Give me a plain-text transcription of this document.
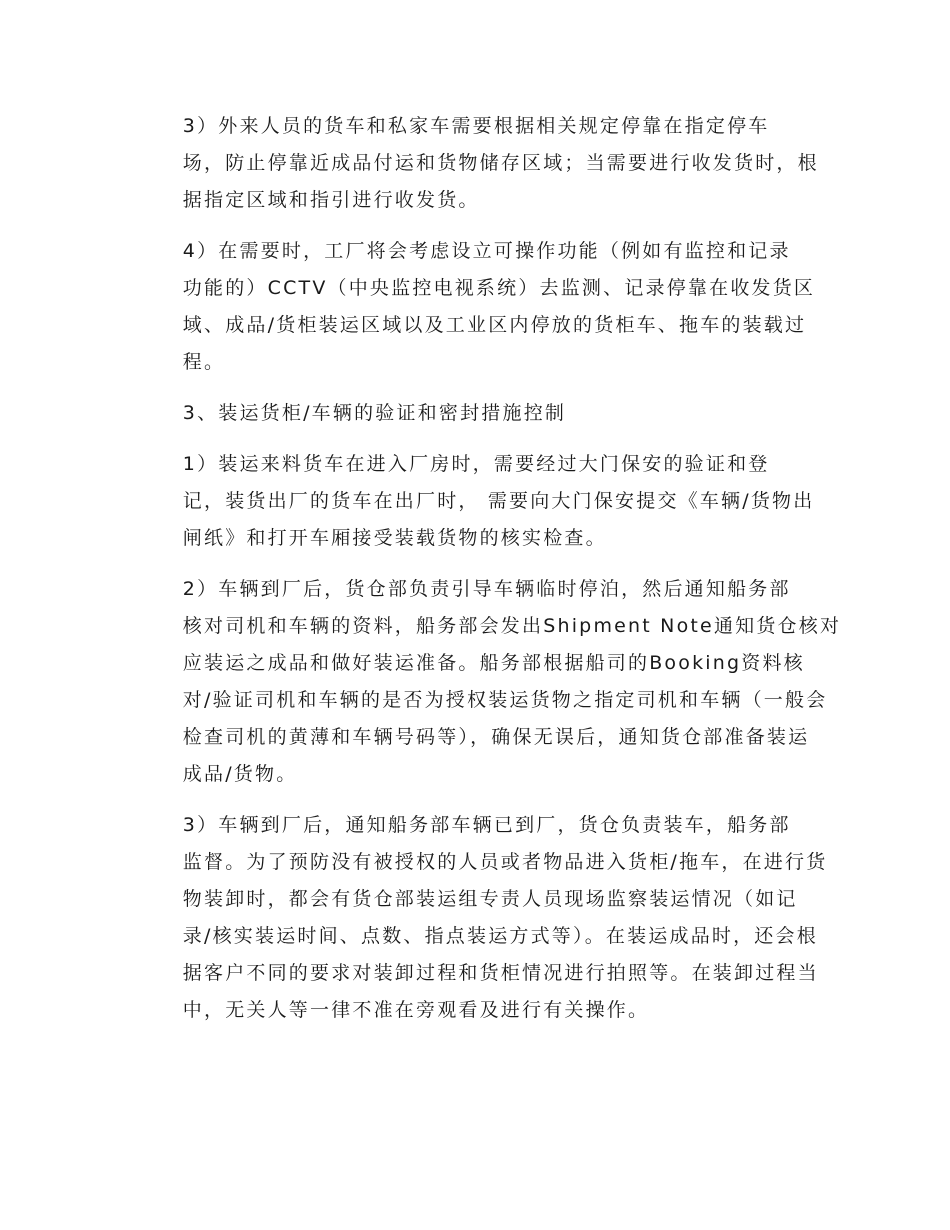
3）外来人员的货车和私家车需要根据相关规定停靠在指定停车
场，防止停靠近成品付运和货物储存区域；当需要进行收发货时，根
据指定区域和指引进行收发货。

4）在需要时，工厂将会考虑设立可操作功能（例如有监控和记录
功能的）CCTV（中央监控电视系统）去监测、记录停靠在收发货区
域、成品/货柜装运区域以及工业区内停放的货柜车、拖车的装载过
程。

3、装运货柜/车辆的验证和密封措施控制

1）装运来料货车在进入厂房时，需要经过大门保安的验证和登
记，装货出厂的货车在出厂时， 需要向大门保安提交《车辆/货物出
闸纸》和打开车厢接受装载货物的核实检查。

2）车辆到厂后，货仓部负责引导车辆临时停泊，然后通知船务部
核对司机和车辆的资料，船务部会发出Shipment Note通知货仓核对
应装运之成品和做好装运准备。船务部根据船司的Booking资料核
对/验证司机和车辆的是否为授权装运货物之指定司机和车辆（一般会
检查司机的黄薄和车辆号码等），确保无误后，通知货仓部准备装运
成品/货物。

3）车辆到厂后，通知船务部车辆已到厂，货仓负责装车，船务部
监督。为了预防没有被授权的人员或者物品进入货柜/拖车，在进行货
物装卸时，都会有货仓部装运组专责人员现场监察装运情况（如记
录/核实装运时间、点数、指点装运方式等）。在装运成品时，还会根
据客户不同的要求对装卸过程和货柜情况进行拍照等。在装卸过程当
中，无关人等一律不准在旁观看及进行有关操作。
